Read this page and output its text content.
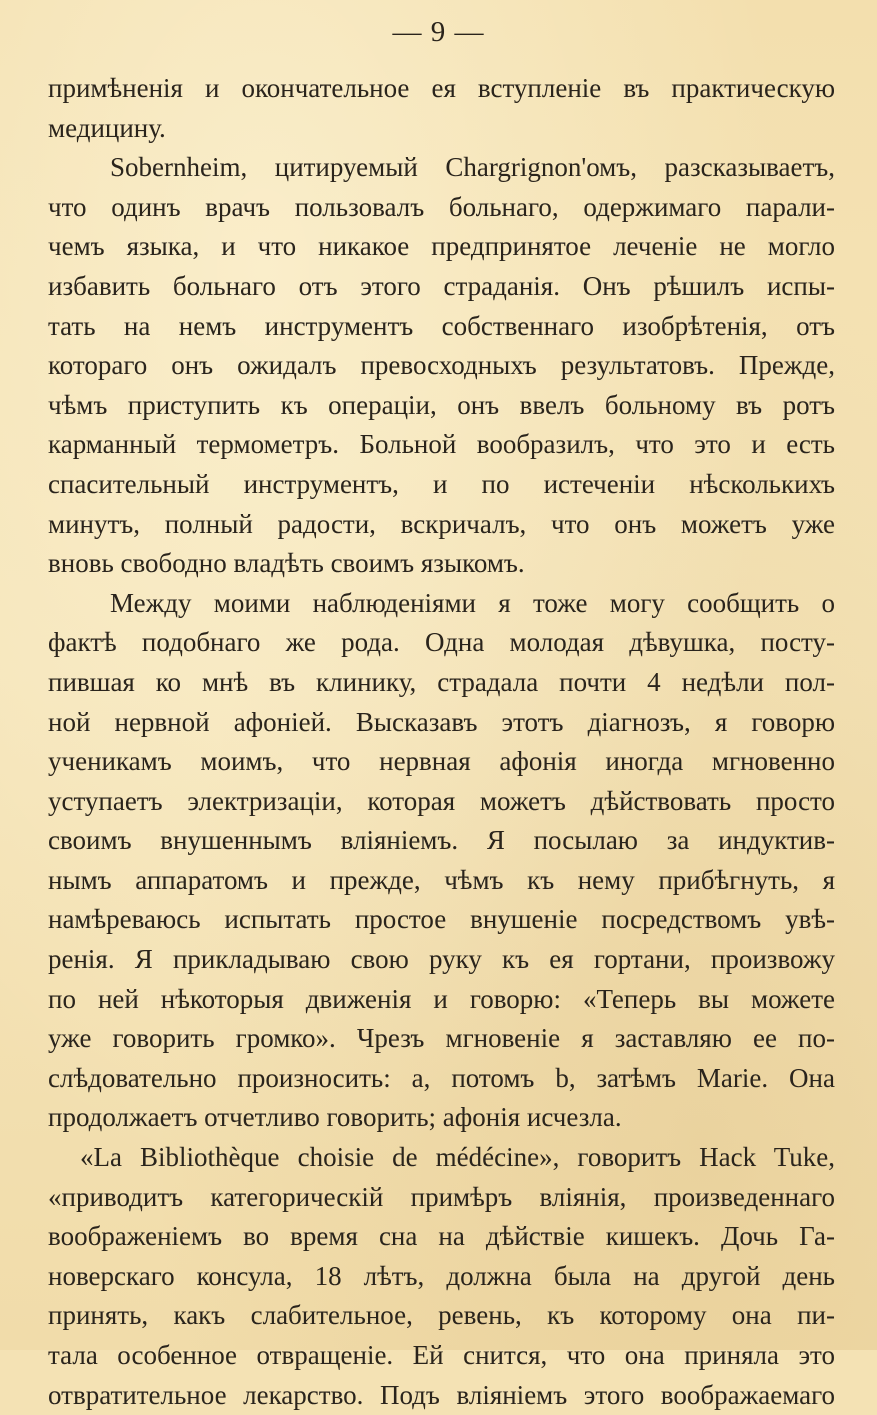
— 9 —
примѣненія и окончательное ея вступленіе въ практическую
медицину.
Sobernheim, цитируемый Chargrignon'омъ, разсказываетъ,
что одинъ врачъ пользовалъ больнаго, одержимаго парали-
чемъ языка, и что никакое предпринятое леченіе не могло
избавить больнаго отъ этого страданія. Онъ рѣшилъ испы-
тать на немъ инструментъ собственнаго изобрѣтенія, отъ
котораго онъ ожидалъ превосходныхъ результатовъ. Прежде,
чѣмъ приступить къ операціи, онъ ввелъ больному въ ротъ
карманный термометръ. Больной вообразилъ, что это и есть
спасительный инструментъ, и по истеченіи нѣсколькихъ
минутъ, полный радости, вскричалъ, что онъ можетъ уже
вновь свободно владѣть своимъ языкомъ.
Между моими наблюденіями я тоже могу сообщить о
фактѣ подобнаго же рода. Одна молодая дѣвушка, посту-
пившая ко мнѣ въ клинику, страдала почти 4 недѣли пол-
ной нервной афоніей. Высказавъ этотъ діагнозъ, я говорю
ученикамъ моимъ, что нервная афонія иногда мгновенно
уступаетъ электризаціи, которая можетъ дѣйствовать просто
своимъ внушеннымъ вліяніемъ. Я посылаю за индуктив-
нымъ аппаратомъ и прежде, чѣмъ къ нему прибѣгнуть, я
намѣреваюсь испытать простое внушеніе посредствомъ увѣ-
ренія. Я прикладываю свою руку къ ея гортани, произвожу
по ней нѣкоторыя движенія и говорю: «Теперь вы можете
уже говорить громко». Чрезъ мгновеніе я заставляю ее по-
слѣдовательно произносить: a, потомъ b, затѣмъ Marie. Она
продолжаетъ отчетливо говорить; афонія исчезла.
«La Bibliothèque choisie de médécine», говоритъ Hack Tuke,
«приводитъ категорическій примѣръ вліянія, произведеннаго
воображеніемъ во время сна на дѣйствіе кишекъ. Дочь Га-
новерскаго консула, 18 лѣтъ, должна была на другой день
принять, какъ слабительное, ревень, къ которому она пи-
тала особенное отвращеніе. Ей снится, что она приняла это
отвратительное лекарство. Подъ вліяніемъ этого воображаемаго
